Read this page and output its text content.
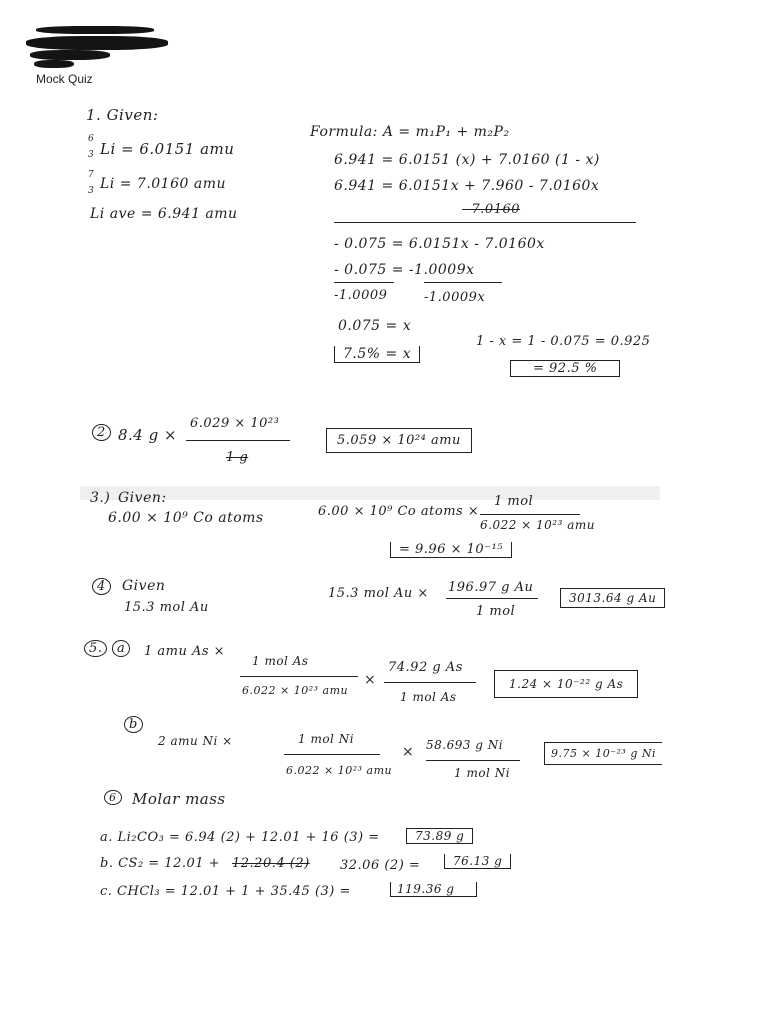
Mock Quiz
1. Given:
6
3 Li = 6.0151 amu
7
3 Li = 7.0160 amu
Li ave = 6.941 amu
Formula: A = m₁P₁ + m₂P₂
6.941 = 6.0151 (x) + 7.0160 (1 - x)
6.941 = 6.0151x + 7.960 - 7.0160x
- 7.0160
- 0.075 = 6.0151x - 7.0160x
- 0.075 = -1.0009x
-1.0009	-1.0009x
0.075 = x
7.5% = x
1 - x = 1 - 0.075 = 0.925
= 92.5 %
2 8.4 g ×
6.029 × 10²³
1 g
5.059 × 10²⁴ amu
3.) Given:
6.00 × 10⁹ Co atoms	6.00 × 10⁹ Co atoms ×
1 mol
6.022 × 10²³ amu
= 9.96 × 10⁻¹⁵
4	Given
15.3 mol Au
15.3 mol Au × 196.97 g Au
1 mol
3013.64 g Au
5. a	1 amu As ×
1 mol As
6.022 × 10²³ amu
×
74.92 g As
1 mol As
1.24 × 10⁻²² g As
b
2 amu Ni ×	1 mol Ni
6.022 × 10²³ amu
× 58.693 g Ni
1 mol Ni
9.75 × 10⁻²³ g Ni
6	Molar mass
a. Li₂CO₃ = 6.94 (2) + 12.01 + 16 (3) =	73.89 g
b. CS₂ = 12.01 + 12.20.4 (2) 32.06 (2) =	76.13 g
c. CHCl₃ = 12.01 + 1 + 35.45 (3) =	119.36 g
